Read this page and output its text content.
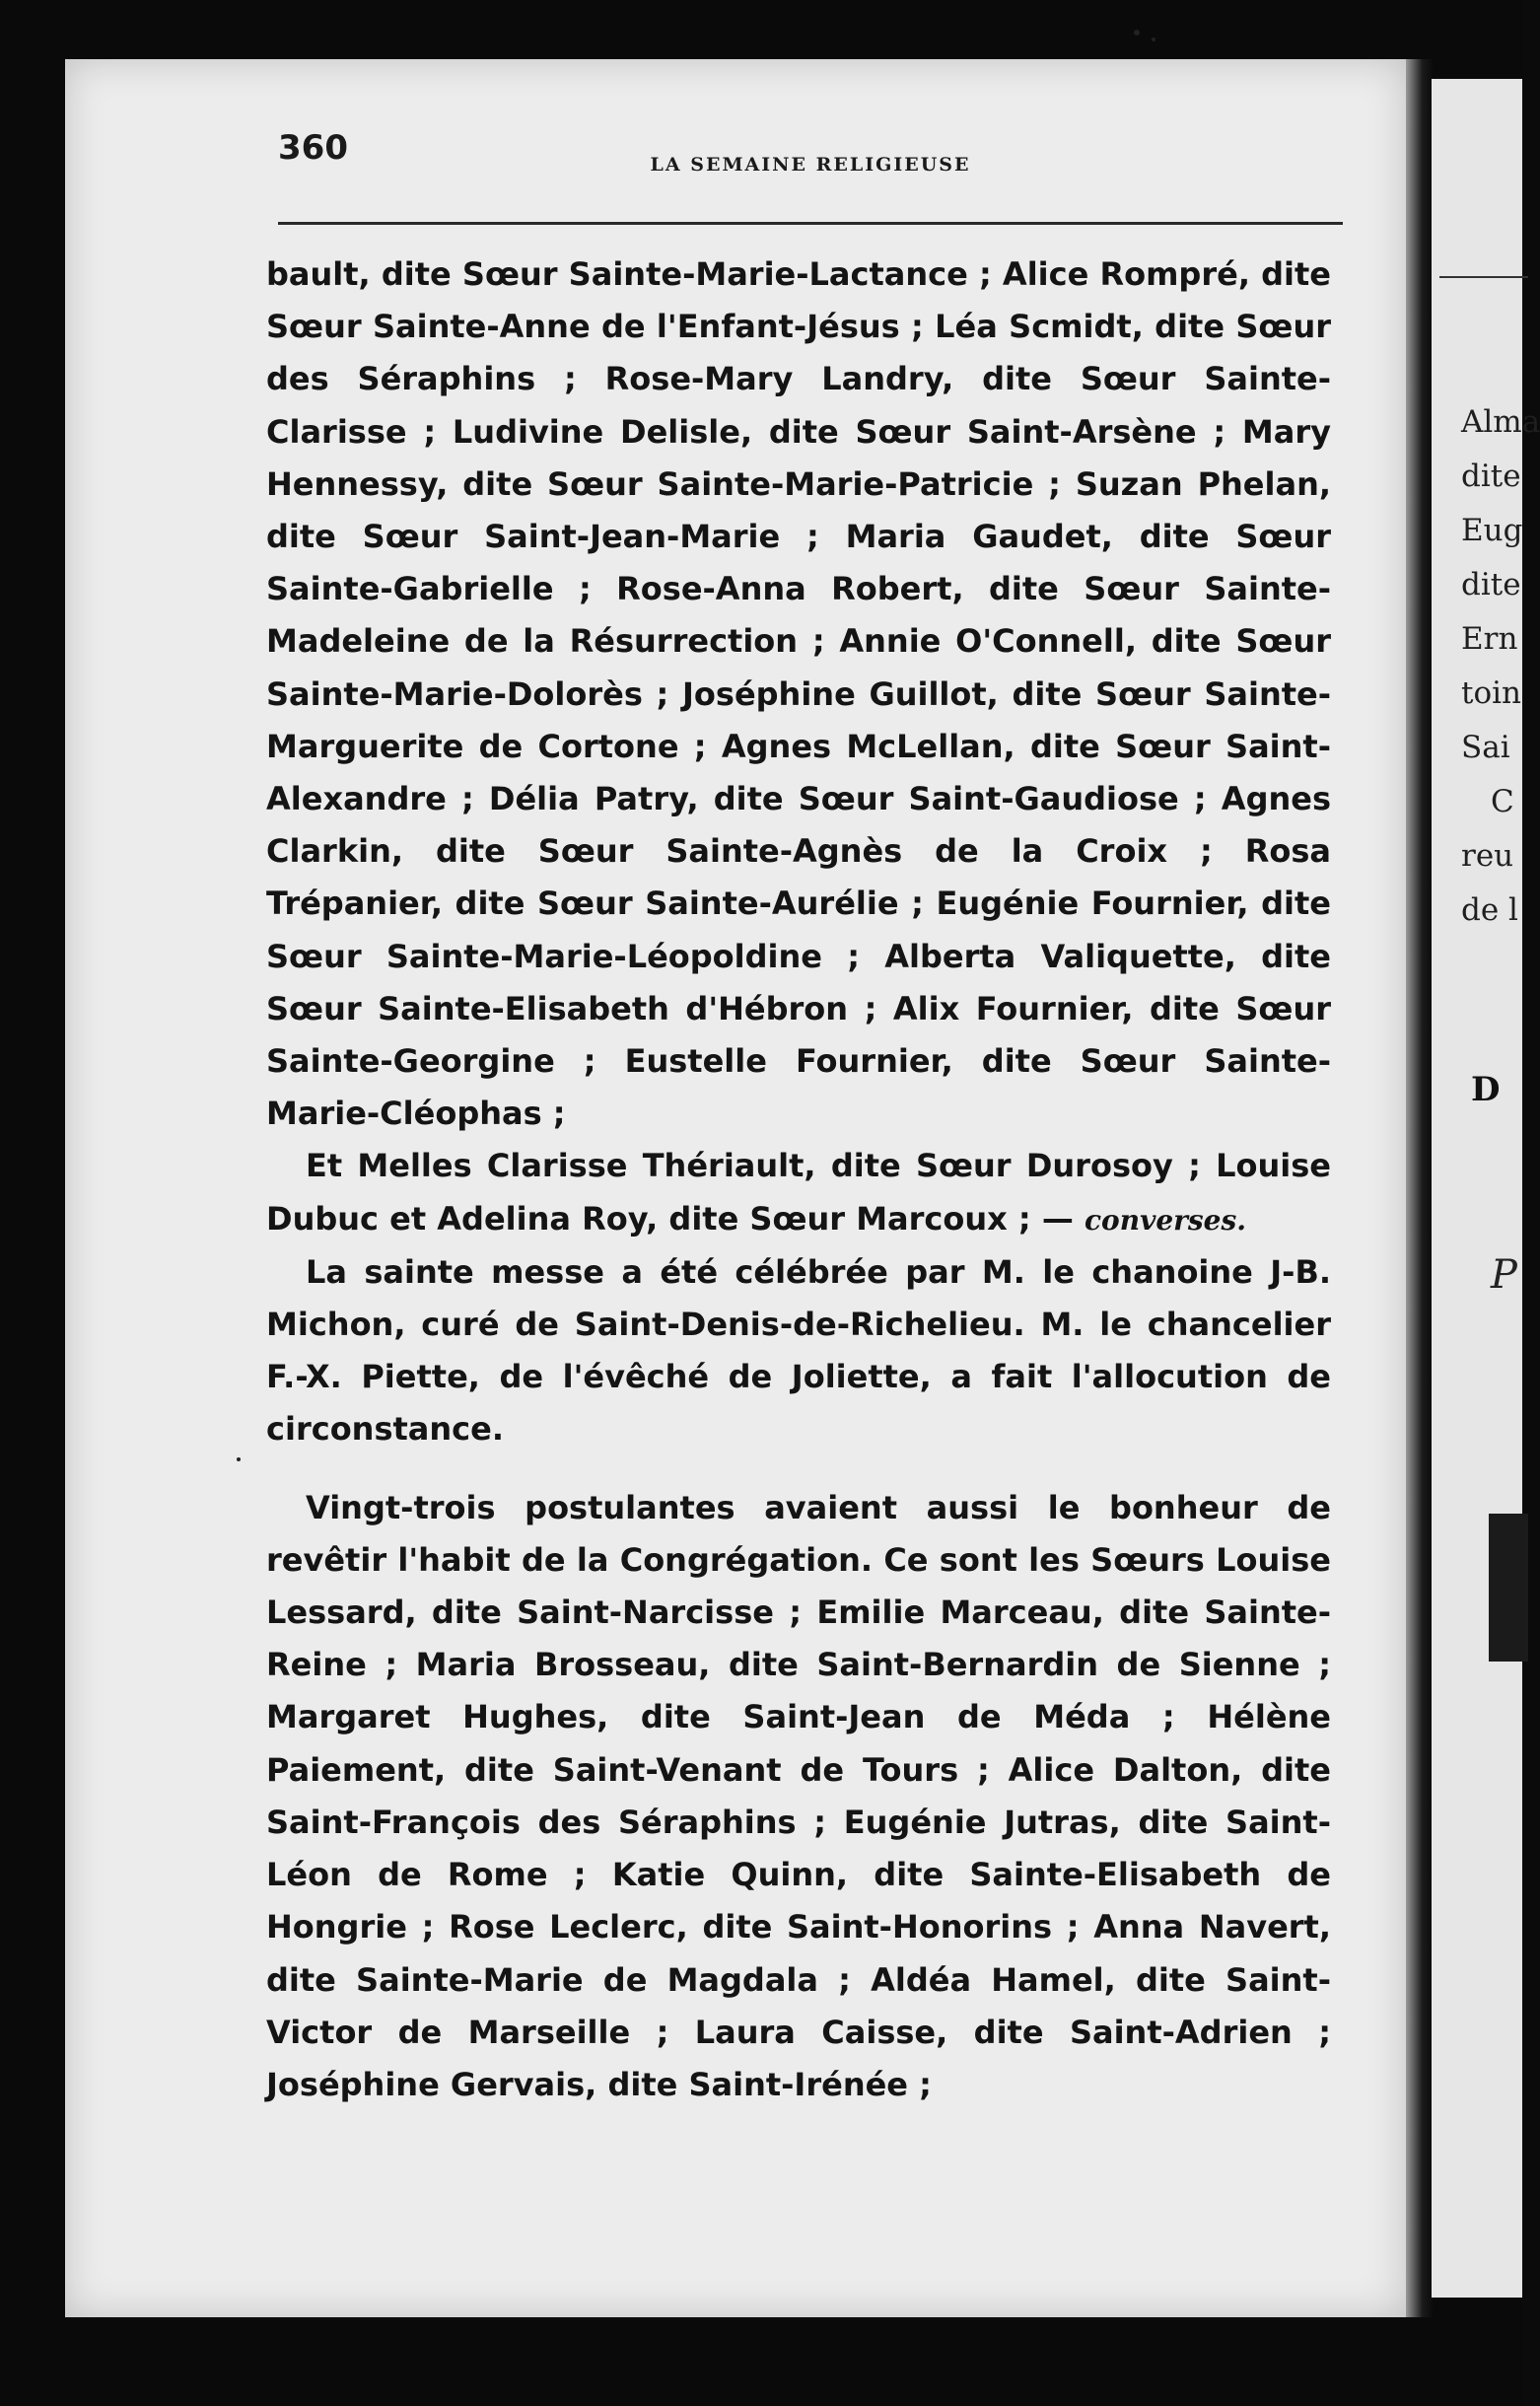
360	LA SEMAINE RELIGIEUSE

bault, dite Sœur Sainte-Marie-Lactance ; Alice Rompré, dite Sœur Sainte-Anne de l'Enfant-Jésus ; Léa Scmidt, dite Sœur des Séraphins ; Rose-Mary Landry, dite Sœur Sainte-Clarisse ; Ludivine Delisle, dite Sœur Saint-Arsène ; Mary Hennessy, dite Sœur Sainte-Marie-Patricie ; Suzan Phelan, dite Sœur Saint-Jean-Marie ; Maria Gaudet, dite Sœur Sainte-Gabrielle ; Rose-Anna Robert, dite Sœur Sainte-Madeleine de la Résurrection ; Annie O'Connell, dite Sœur Sainte-Marie-Dolorès ; Joséphine Guillot, dite Sœur Sainte-Marguerite de Cortone ; Agnes McLellan, dite Sœur Saint-Alexandre ; Délia Patry, dite Sœur Saint-Gaudiose ; Agnes Clarkin, dite Sœur Sainte-Agnès de la Croix ; Rosa Trépanier, dite Sœur Sainte-Aurélie ; Eugénie Fournier, dite Sœur Sainte-Marie-Léopoldine ; Alberta Valiquette, dite Sœur Sainte-Elisabeth d'Hébron ; Alix Fournier, dite Sœur Sainte-Georgine ; Eustelle Fournier, dite Sœur Sainte-Marie-Cléophas ;

Et Melles Clarisse Thériault, dite Sœur Durosoy ; Louise Dubuc et Adelina Roy, dite Sœur Marcoux ; — converses.

La sainte messe a été célébrée par M. le chanoine J-B. Michon, curé de Saint-Denis-de-Richelieu. M. le chancelier F.-X. Piette, de l'évêché de Joliette, a fait l'allocution de circonstance.

Vingt-trois postulantes avaient aussi le bonheur de revêtir l'habit de la Congrégation. Ce sont les Sœurs Louise Lessard, dite Saint-Narcisse ; Emilie Marceau, dite Sainte-Reine ; Maria Brosseau, dite Saint-Bernardin de Sienne ; Margaret Hughes, dite Saint-Jean de Méda ; Hélène Paiement, dite Saint-Venant de Tours ; Alice Dalton, dite Saint-François des Séraphins ; Eugénie Jutras, dite Saint-Léon de Rome ; Katie Quinn, dite Sainte-Elisabeth de Hongrie ; Rose Leclerc, dite Saint-Honorins ; Anna Navert, dite Sainte-Marie de Magdala ; Aldéa Hamel, dite Saint-Victor de Marseille ; Laura Caisse, dite Saint-Adrien ; Joséphine Gervais, dite Saint-Irénée ;

Alma
dite
Eug
dite
Ern
toin
Sai
C
reu
de l
D
P
